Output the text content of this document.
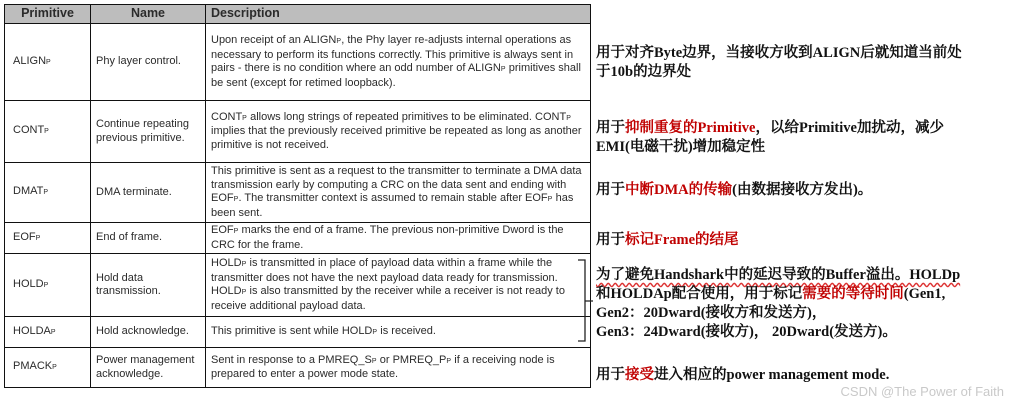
Primitive	Name	Description
ALIGNP	Phy layer control.	Upon receipt of an ALIGNP, the Phy layer re-adjusts internal operations as necessary to perform its functions correctly. This primitive is always sent in pairs - there is no condition where an odd number of ALIGNP primitives shall be sent (except for retimed loopback).
CONTP	Continue repeating previous primitive.	CONTP allows long strings of repeated primitives to be eliminated. CONTP implies that the previously received primitive be repeated as long as another primitive is not received.
DMATP	DMA terminate.	This primitive is sent as a request to the transmitter to terminate a DMA data transmission early by computing a CRC on the data sent and ending with EOFP. The transmitter context is assumed to remain stable after EOFP has been sent.
EOFP	End of frame.	EOFP marks the end of a frame. The previous non-primitive Dword is the CRC for the frame.
HOLDP	Hold data transmission.	HOLDP is transmitted in place of payload data within a frame while the transmitter does not have the next payload data ready for transmission. HOLDP is also transmitted by the receiver while a receiver is not ready to receive additional payload data.
HOLDAP	Hold acknowledge.	This primitive is sent while HOLDP is received.
PMACKP	Power management acknowledge.	Sent in response to a PMREQ_SP or PMREQ_PP if a receiving node is prepared to enter a power mode state.
用于对齐Byte边界，当接收方收到ALIGN后就知道当前处
于10b的边界处
用于抑制重复的Primitive，以给Primitive加扰动，减少
EMI(电磁干扰)增加稳定性
用于中断DMA的传输(由数据接收方发出)。
用于标记Frame的结尾
为了避免Handshark中的延迟导致的Buffer溢出。HOLDp
和HOLDAp配合使用，用于标记需要的等待时间(Gen1,
Gen2：20Dward(接收方和发送方)，
Gen3：24Dward(接收方)， 20Dward(发送方)。
用于接受进入相应的power management mode.
CSDN @The Power of Faith
